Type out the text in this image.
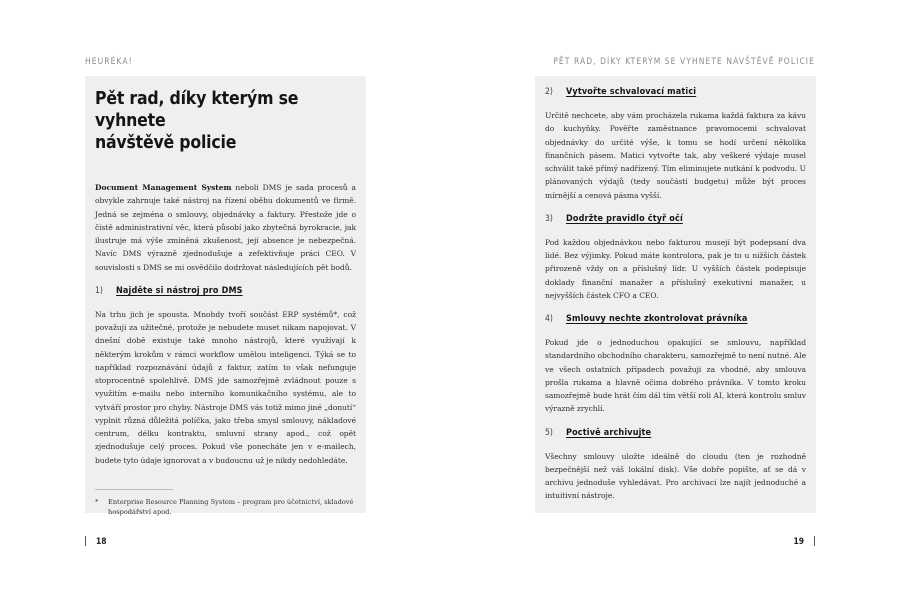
HEURÉKA!	PĚT RAD, DÍKY KTERÝM SE VYHNETE NÁVŠTĚVĚ POLICIE
Pět rad, díky kterým se vyhnete
návštěvě policie

Document Management System neboli DMS je sada procesů a obvykle zahrnuje také nástroj na řízení oběhu dokumentů ve firmě. Jedná se zejména o smlouvy, objednávky a faktury. Přestože jde o čistě administrativní věc, která působí jako zbytečná byrokracie, jak ilustruje má výše zmíněná zkušenost, její absence je nebezpečná. Navíc DMS výrazně zjednodušuje a zefektivňuje práci CEO. V souvislosti s DMS se mi osvědčilo dodržovat následujících pět bodů.

1)	Najděte si nástroj pro DMS

Na trhu jich je spousta. Mnohdy tvoří součást ERP systémů*, což považuji za užitečné, protože je nebudete muset nikam napojovat. V dnešní době existuje také mnoho nástrojů, které využívají k některým krokům v rámci workflow umělou inteligenci. Týká se to například rozpoznávání údajů z faktur, zatím to však nefunguje stoprocentně spolehlivě. DMS jde samozřejmě zvládnout pouze s využitím e-mailu nebo interního komunikačního systému, ale to vytváří prostor pro chyby. Nástroje DMS vás totiž mimo jiné „donutí“ vyplnit různá důležitá políčka, jako třeba smysl smlouvy, nákladové centrum, délku kontraktu, smluvní strany apod., což opět zjednodušuje celý proces. Pokud vše ponecháte jen v e-mailech, budete tyto údaje ignorovat a v budoucnu už je nikdy nedohledáte.

*	Enterprise Resource Planning System – program pro účetnictví, skladové hospodářství apod.
2)	Vytvořte schvalovací matici

Určitě nechcete, aby vám procházela rukama každá faktura za kávu do kuchyňky. Pověřte zaměstnance pravomocemi schvalovat objednávky do určité výše, k tomu se hodí určení několika finančních pásem. Matici vytvořte tak, aby veškeré výdaje musel schválit také přímý nadřízený. Tím eliminujete nutkání k podvodu. U plánovaných výdajů (tedy součásti budgetu) může být proces mírnější a cenová pásma vyšší.

3)	Dodržte pravidlo čtyř očí

Pod každou objednávkou nebo fakturou musejí být podepsaní dva lidé. Bez výjimky. Pokud máte kontrolora, pak je to u nižších částek přirozeně vždy on a příslušný lídr. U vyšších částek podepisuje doklady finanční manažer a příslušný exekutivní manažer, u nejvyšších částek CFO a CEO.

4)	Smlouvy nechte zkontrolovat právníka

Pokud jde o jednoduchou opakující se smlouvu, například standardního obchodního charakteru, samozřejmě to není nutné. Ale ve všech ostatních případech považuji za vhodné, aby smlouva prošla rukama a hlavně očima dobrého právníka. V tomto kroku samozřejmě bude hrát čím dál tím větší roli AI, která kontrolu smluv výrazně zrychlí.

5)	Poctivě archivujte

Všechny smlouvy uložte ideálně do cloudu (ten je rozhodně bezpečnější než váš lokální disk). Vše dobře popište, ať se dá v archivu jednoduše vyhledávat. Pro archivaci lze najít jednoduché a intuitivní nástroje.

18	19
